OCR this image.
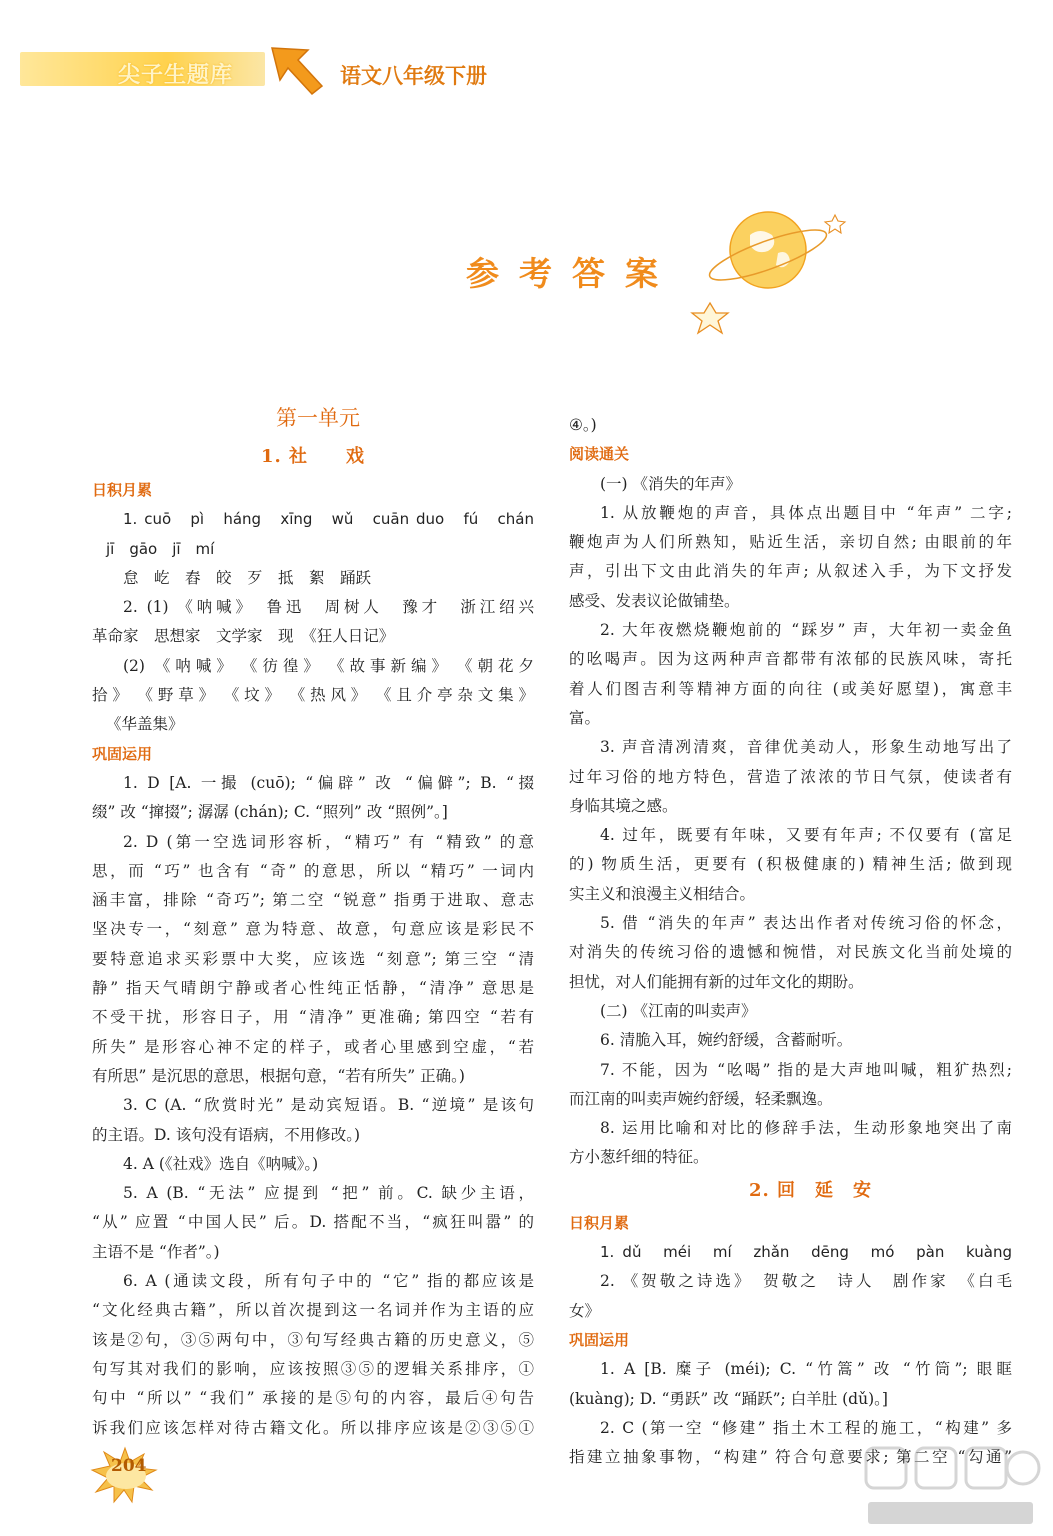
尖子生题库	语文八年级下册
参考答案
第一单元
1. 社　　戏
日积月累
1. cuō　pì　háng　xīng　wǔ　cuān duo　fú　chán
jī　gāo　jī　mí
怠　屹　舂　皎　歹　抵　絮　踊跃
2. (1) 《呐喊》　鲁迅　周树人　豫才　浙江绍兴
革命家　思想家　文学家　现　《狂人日记》
(2) 《呐喊》　《彷徨》　《故事新编》　《朝花夕
拾》　《野草》　《坟》　《热风》　《且介亭杂文集》
《华盖集》
巩固运用
1. D [A. 一撮 (cuō); “偏辟” 改 “偏僻”; B. “掇
缀” 改 “撺掇”; 潺潺 (chán); C. “照列” 改 “照例”。]
2. D (第一空选词形容析，“精巧” 有 “精致” 的意
思，而 “巧” 也含有 “奇” 的意思，所以 “精巧” 一词内
涵丰富，排除 “奇巧”; 第二空 “锐意” 指勇于进取、意志
坚决专一，“刻意” 意为特意、故意，句意应该是彩民不
要特意追求买彩票中大奖，应该选 “刻意”; 第三空 “清
静” 指天气晴朗宁静或者心性纯正恬静，“清净” 意思是
不受干扰，形容日子，用 “清净” 更准确; 第四空 “若有
所失” 是形容心神不定的样子，或者心里感到空虚，“若
有所思” 是沉思的意思，根据句意，“若有所失” 正确。)
3. C (A. “欣赏时光” 是动宾短语。B. “逆境” 是该句
的主语。D. 该句没有语病，不用修改。)
4. A (《社戏》选自《呐喊》。)
5. A (B. “无法” 应提到 “把” 前。C. 缺少主语，
“从” 应置 “中国人民” 后。D. 搭配不当，“疯狂叫嚣” 的
主语不是 “作者”。)
6. A (通读文段，所有句子中的 “它” 指的都应该是
“文化经典古籍”，所以首次提到这一名词并作为主语的应
该是②句，③⑤两句中，③句写经典古籍的历史意义，⑤
句写其对我们的影响，应该按照③⑤的逻辑关系排序，①
句中 “所以” “我们” 承接的是⑤句的内容，最后④句告
诉我们应该怎样对待古籍文化。所以排序应该是②③⑤①
④。)
阅读通关
(一) 《消失的年声》
1. 从放鞭炮的声音，具体点出题目中 “年声” 二字;
鞭炮声为人们所熟知，贴近生活，亲切自然; 由眼前的年
声，引出下文由此消失的年声; 从叙述入手，为下文抒发
感受、发表议论做铺垫。
2. 大年夜燃烧鞭炮前的 “踩岁” 声，大年初一卖金鱼
的吆喝声。因为这两种声音都带有浓郁的民族风味，寄托
着人们图吉利等精神方面的向往 (或美好愿望)，寓意丰
富。
3. 声音清冽清爽，音律优美动人，形象生动地写出了
过年习俗的地方特色，营造了浓浓的节日气氛，使读者有
身临其境之感。
4. 过年，既要有年味，又要有年声; 不仅要有 (富足
的) 物质生活，更要有 (积极健康的) 精神生活; 做到现
实主义和浪漫主义相结合。
5. 借 “消失的年声” 表达出作者对传统习俗的怀念，
对消失的传统习俗的遗憾和惋惜，对民族文化当前处境的
担忧，对人们能拥有新的过年文化的期盼。
(二) 《江南的叫卖声》
6. 清脆入耳，婉约舒缓，含蓄耐听。
7. 不能，因为 “吆喝” 指的是大声地叫喊，粗犷热烈;
而江南的叫卖声婉约舒缓，轻柔飘逸。
8. 运用比喻和对比的修辞手法，生动形象地突出了南
方小葱纤细的特征。
2. 回　延　安
日积月累
1. dǔ　méi　mí　zhǎn　dēng　mó　pàn　kuàng
2. 《贺敬之诗选》　贺敬之　诗人　剧作家　《白毛
女》
巩固运用
1. A [B. 糜子 (méi); C. “竹篙” 改 “竹筒”; 眼眶
(kuàng); D. “勇跃” 改 “踊跃”; 白羊肚 (dǔ)。]
2. C (第一空 “修建” 指土木工程的施工，“构建” 多
指建立抽象事物，“构建” 符合句意要求; 第二空 “勾通”
204
